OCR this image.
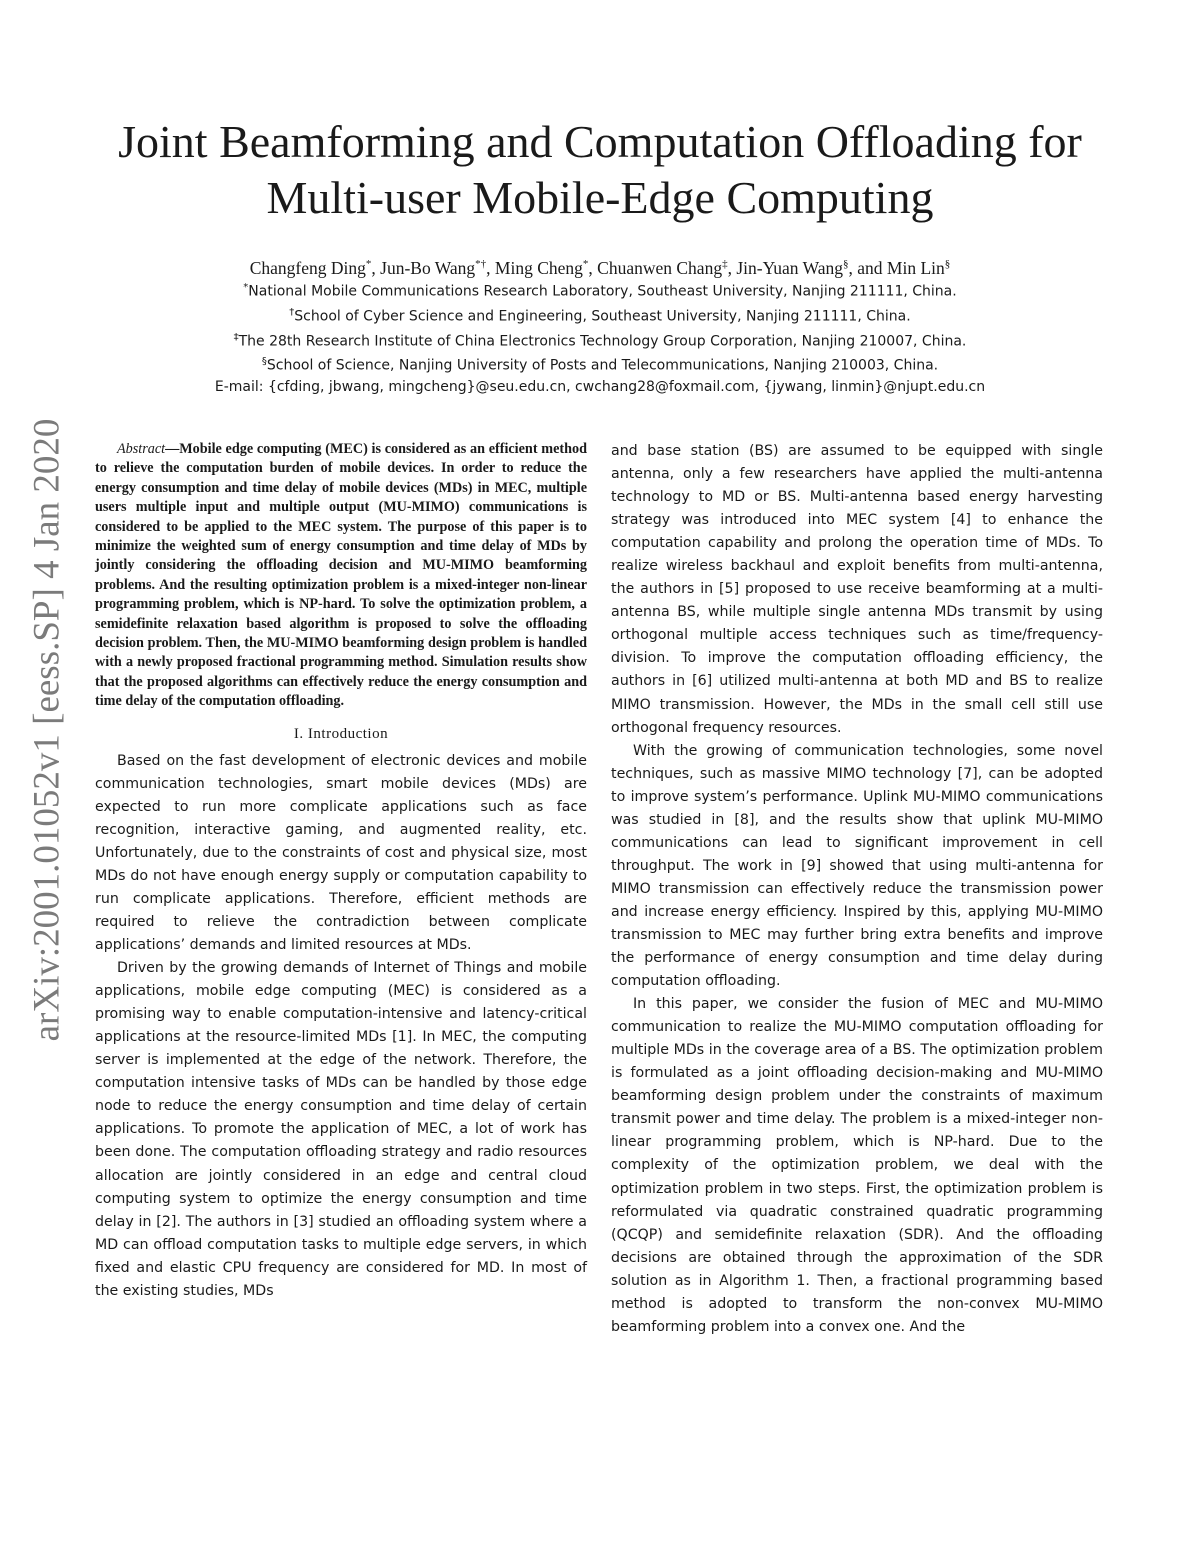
arXiv:2001.01052v1 [eess.SP] 4 Jan 2020
Joint Beamforming and Computation Offloading for
Multi-user Mobile-Edge Computing
Changfeng Ding*, Jun-Bo Wang*†, Ming Cheng*, Chuanwen Chang‡, Jin-Yuan Wang§, and Min Lin§
*National Mobile Communications Research Laboratory, Southeast University, Nanjing 211111, China.
†School of Cyber Science and Engineering, Southeast University, Nanjing 211111, China.
‡The 28th Research Institute of China Electronics Technology Group Corporation, Nanjing 210007, China.
§School of Science, Nanjing University of Posts and Telecommunications, Nanjing 210003, China.
E-mail: {cfding, jbwang, mingcheng}@seu.edu.cn, cwchang28@foxmail.com, {jywang, linmin}@njupt.edu.cn

Abstract—Mobile edge computing (MEC) is considered as an efficient method to relieve the computation burden of mobile devices. In order to reduce the energy consumption and time delay of mobile devices (MDs) in MEC, multiple users multiple input and multiple output (MU-MIMO) communications is considered to be applied to the MEC system. The purpose of this paper is to minimize the weighted sum of energy consumption and time delay of MDs by jointly considering the offloading decision and MU-MIMO beamforming problems. And the resulting optimization problem is a mixed-integer non-linear programming problem, which is NP-hard. To solve the optimization problem, a semidefinite relaxation based algorithm is proposed to solve the offloading decision problem. Then, the MU-MIMO beamforming design problem is handled with a newly proposed fractional programming method. Simulation results show that the proposed algorithms can effectively reduce the energy consumption and time delay of the computation offloading.

I. Introduction

Based on the fast development of electronic devices and mobile communication technologies, smart mobile devices (MDs) are expected to run more complicate applications such as face recognition, interactive gaming, and augmented reality, etc. Unfortunately, due to the constraints of cost and physical size, most MDs do not have enough energy supply or computation capability to run complicate applications. Therefore, efficient methods are required to relieve the contradiction between complicate applications’ demands and limited resources at MDs.

Driven by the growing demands of Internet of Things and mobile applications, mobile edge computing (MEC) is considered as a promising way to enable computation-intensive and latency-critical applications at the resource-limited MDs [1]. In MEC, the computing server is implemented at the edge of the network. Therefore, the computation intensive tasks of MDs can be handled by those edge node to reduce the energy consumption and time delay of certain applications. To promote the application of MEC, a lot of work has been done. The computation offloading strategy and radio resources allocation are jointly considered in an edge and central cloud computing system to optimize the energy consumption and time delay in [2]. The authors in [3] studied an offloading system where a MD can offload computation tasks to multiple edge servers, in which fixed and elastic CPU frequency are considered for MD. In most of the existing studies, MDs

and base station (BS) are assumed to be equipped with single antenna, only a few researchers have applied the multi-antenna technology to MD or BS. Multi-antenna based energy harvesting strategy was introduced into MEC system [4] to enhance the computation capability and prolong the operation time of MDs. To realize wireless backhaul and exploit benefits from multi-antenna, the authors in [5] proposed to use receive beamforming at a multi-antenna BS, while multiple single antenna MDs transmit by using orthogonal multiple access techniques such as time/frequency-division. To improve the computation offloading efficiency, the authors in [6] utilized multi-antenna at both MD and BS to realize MIMO transmission. However, the MDs in the small cell still use orthogonal frequency resources.

With the growing of communication technologies, some novel techniques, such as massive MIMO technology [7], can be adopted to improve system’s performance. Uplink MU-MIMO communications was studied in [8], and the results show that uplink MU-MIMO communications can lead to significant improvement in cell throughput. The work in [9] showed that using multi-antenna for MIMO transmission can effectively reduce the transmission power and increase energy efficiency. Inspired by this, applying MU-MIMO transmission to MEC may further bring extra benefits and improve the performance of energy consumption and time delay during computation offloading.

In this paper, we consider the fusion of MEC and MU-MIMO communication to realize the MU-MIMO computation offloading for multiple MDs in the coverage area of a BS. The optimization problem is formulated as a joint offloading decision-making and MU-MIMO beamforming design problem under the constraints of maximum transmit power and time delay. The problem is a mixed-integer non-linear programming problem, which is NP-hard. Due to the complexity of the optimization problem, we deal with the optimization problem in two steps. First, the optimization problem is reformulated via quadratic constrained quadratic programming (QCQP) and semidefinite relaxation (SDR). And the offloading decisions are obtained through the approximation of the SDR solution as in Algorithm 1. Then, a fractional programming based method is adopted to transform the non-convex MU-MIMO beamforming problem into a convex one. And the
